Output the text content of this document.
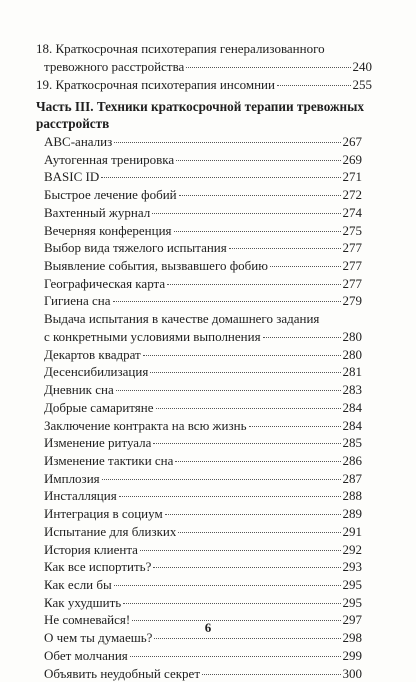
18. Краткосрочная психотерапия генерализованного
тревожного расстройства	240
19. Краткосрочная психотерапия инсомнии	255
Часть III. Техники краткосрочной терапии тревожных
расстройств
ABC-анализ	267
Аутогенная тренировка	269
BASIC ID	271
Быстрое лечение фобий	272
Вахтенный журнал	274
Вечерняя конференция	275
Выбор вида тяжелого испытания	277
Выявление события, вызвавшего фобию	277
Географическая карта	277
Гигиена сна	279
Выдача испытания в качестве домашнего задания
с конкретными условиями выполнения	280
Декартов квадрат	280
Десенсибилизация	281
Дневник сна	283
Добрые самаритяне	284
Заключение контракта на всю жизнь	284
Изменение ритуала	285
Изменение тактики сна	286
Имплозия	287
Инсталляция	288
Интеграция в социум	289
Испытание для близких	291
История клиента	292
Как все испортить?	293
Как если бы	295
Как ухудшить	295
Не сомневайся!	297
О чем ты думаешь?	298
Обет молчания	299
Объявить неудобный секрет	300
6
